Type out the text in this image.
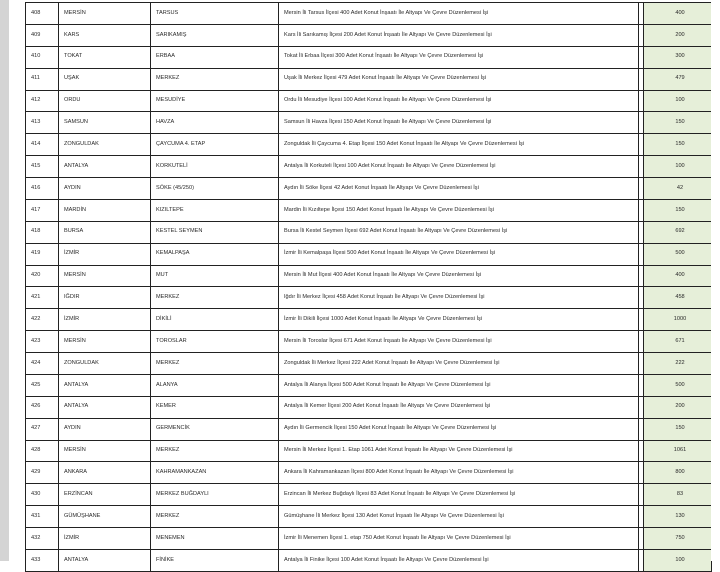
408	MERSİN	TARSUS	Mersin İli Tarsus İlçesi 400 Adet Konut İnşaatı İle Altyapı Ve Çevre Düzenlemesi İşi		400
409	KARS	SARIKAMIŞ	Kars İli Sarıkamış İlçesi 200 Adet Konut İnşaatı İle Altyapı Ve Çevre Düzenlemesi İşi		200
410	TOKAT	ERBAA	Tokat İli Erbaa İlçesi 300 Adet Konut İnşaatı İle Altyapı Ve Çevre Düzenlemesi İşi		300
411	UŞAK	MERKEZ	Uşak İli Merkez İlçesi 479 Adet Konut İnşaatı İle Altyapı Ve Çevre Düzenlemesi İşi		479
412	ORDU	MESUDİYE	Ordu İli Mesudiye İlçesi 100 Adet Konut İnşaatı İle Altyapı Ve Çevre Düzenlemesi İşi		100
413	SAMSUN	HAVZA	Samsun İli Havza İlçesi 150 Adet Konut İnşaatı İle Altyapı Ve Çevre Düzenlemesi İşi		150
414	ZONGULDAK	ÇAYCUMA 4. ETAP	Zonguldak İli Çaycuma 4. Etap İlçesi 150 Adet Konut İnşaatı İle Altyapı Ve Çevre Düzenlemesi İşi		150
415	ANTALYA	KORKUTELİ	Antalya İli Korkuteli İlçesi 100 Adet Konut İnşaatı İle Altyapı Ve Çevre Düzenlemesi İşi		100
416	AYDIN	SÖKE (45/250)	Aydın İli Söke İlçesi 42 Adet Konut İnşaatı İle Altyapı Ve Çevre Düzenlemesi İşi		42
417	MARDİN	KIZILTEPE	Mardin İli Kızıltepe İlçesi 150 Adet Konut İnşaatı İle Altyapı Ve Çevre Düzenlemesi İşi		150
418	BURSA	KESTEL SEYMEN	Bursa İli Kestel Seymen İlçesi 692 Adet Konut İnşaatı İle Altyapı Ve Çevre Düzenlemesi İşi		692
419	İZMİR	KEMALPAŞA	İzmir İli Kemalpaşa İlçesi 500 Adet Konut İnşaatı İle Altyapı Ve Çevre Düzenlemesi İşi		500
420	MERSİN	MUT	Mersin İli Mut İlçesi 400 Adet Konut İnşaatı İle Altyapı Ve Çevre Düzenlemesi İşi		400
421	IĞDIR	MERKEZ	Iğdır İli Merkez İlçesi 458 Adet Konut İnşaatı İle Altyapı Ve Çevre Düzenlemesi İşi		458
422	İZMİR	DİKİLİ	İzmir İli Dikili İlçesi 1000 Adet Konut İnşaatı İle Altyapı Ve Çevre Düzenlemesi İşi		1000
423	MERSİN	TOROSLAR	Mersin İli Toroslar İlçesi 671 Adet Konut İnşaatı İle Altyapı Ve Çevre Düzenlemesi İşi		671
424	ZONGULDAK	MERKEZ	Zonguldak İli Merkez İlçesi 222 Adet Konut İnşaatı İle Altyapı Ve Çevre Düzenlemesi İşi		222
425	ANTALYA	ALANYA	Antalya İli Alanya İlçesi 500 Adet Konut İnşaatı İle Altyapı Ve Çevre Düzenlemesi İşi		500
426	ANTALYA	KEMER	Antalya İli Kemer İlçesi 200 Adet Konut İnşaatı İle Altyapı Ve Çevre Düzenlemesi İşi		200
427	AYDIN	GERMENCİK	Aydın İli Germencik İlçesi 150 Adet Konut İnşaatı İle Altyapı Ve Çevre Düzenlemesi İşi		150
428	MERSİN	MERKEZ	Mersin İli Merkez İlçesi 1. Etap 1061 Adet Konut İnşaatı İle Altyapı Ve Çevre Düzenlemesi İşi		1061
429	ANKARA	KAHRAMANKAZAN	Ankara İli Kahramankazan İlçesi 800 Adet Konut İnşaatı İle Altyapı Ve Çevre Düzenlemesi İşi		800
430	ERZİNCAN	MERKEZ BUĞDAYLI	Erzincan İli Merkez Buğdaylı İlçesi 83 Adet Konut İnşaatı İle Altyapı Ve Çevre Düzenlemesi İşi		83
431	GÜMÜŞHANE	MERKEZ	Gümüşhane İli Merkez İlçesi 130 Adet Konut İnşaatı İle Altyapı Ve Çevre Düzenlemesi İşi		130
432	İZMİR	MENEMEN	İzmir İli Menemen İlçesi 1. etap 750 Adet Konut İnşaatı İle Altyapı Ve Çevre Düzenlemesi İşi		750
433	ANTALYA	FİNİKE	Antalya İli Finike İlçesi 100 Adet Konut İnşaatı İle Altyapı Ve Çevre Düzenlemesi İşi		100
